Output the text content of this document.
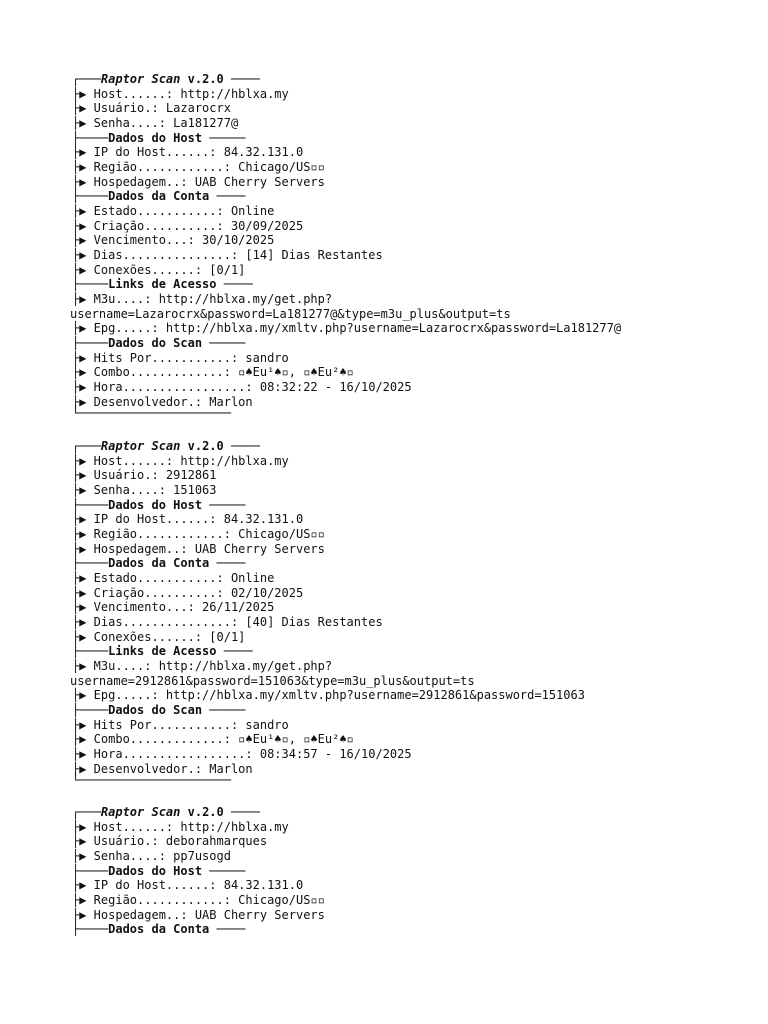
┌───Raptor Scan v.2.0 ────
├▶ Host......: http://hblxa.my
├▶ Usuário.: Lazarocrx
├▶ Senha....: La181277@
├────Dados do Host ─────
├▶ IP do Host......: 84.32.131.0
├▶ Região............: Chicago/US▫▫
├▶ Hospedagem..: UAB Cherry Servers
├────Dados da Conta ────
├▶ Estado...........: Online
├▶ Criação..........: 30/09/2025
├▶ Vencimento...: 30/10/2025
├▶ Dias...............: [14] Dias Restantes
├▶ Conexões......: [0/1]
├────Links de Acesso ────
├▶ M3u....: http://hblxa.my/get.php?
username=Lazarocrx&password=La181277@&type=m3u_plus&output=ts
├▶ Epg.....: http://hblxa.my/xmltv.php?username=Lazarocrx&password=La181277@
├────Dados do Scan ─────
├▶ Hits Por...........: sandro
├▶ Combo.............: ▫♠Eu¹♠▫, ▫♠Eu²♠▫
├▶ Hora.................: 08:32:22 - 16/10/2025
├▶ Desenvolvedor.: Marlon
└─────────────────────
┌───Raptor Scan v.2.0 ────
├▶ Host......: http://hblxa.my
├▶ Usuário.: 2912861
├▶ Senha....: 151063
├────Dados do Host ─────
├▶ IP do Host......: 84.32.131.0
├▶ Região............: Chicago/US▫▫
├▶ Hospedagem..: UAB Cherry Servers
├────Dados da Conta ────
├▶ Estado...........: Online
├▶ Criação..........: 02/10/2025
├▶ Vencimento...: 26/11/2025
├▶ Dias...............: [40] Dias Restantes
├▶ Conexões......: [0/1]
├────Links de Acesso ────
├▶ M3u....: http://hblxa.my/get.php?
username=2912861&password=151063&type=m3u_plus&output=ts
├▶ Epg.....: http://hblxa.my/xmltv.php?username=2912861&password=151063
├────Dados do Scan ─────
├▶ Hits Por...........: sandro
├▶ Combo.............: ▫♠Eu¹♠▫, ▫♠Eu²♠▫
├▶ Hora.................: 08:34:57 - 16/10/2025
├▶ Desenvolvedor.: Marlon
└─────────────────────
┌───Raptor Scan v.2.0 ────
├▶ Host......: http://hblxa.my
├▶ Usuário.: deborahmarques
├▶ Senha....: pp7usogd
├────Dados do Host ─────
├▶ IP do Host......: 84.32.131.0
├▶ Região............: Chicago/US▫▫
├▶ Hospedagem..: UAB Cherry Servers
├────Dados da Conta ────
